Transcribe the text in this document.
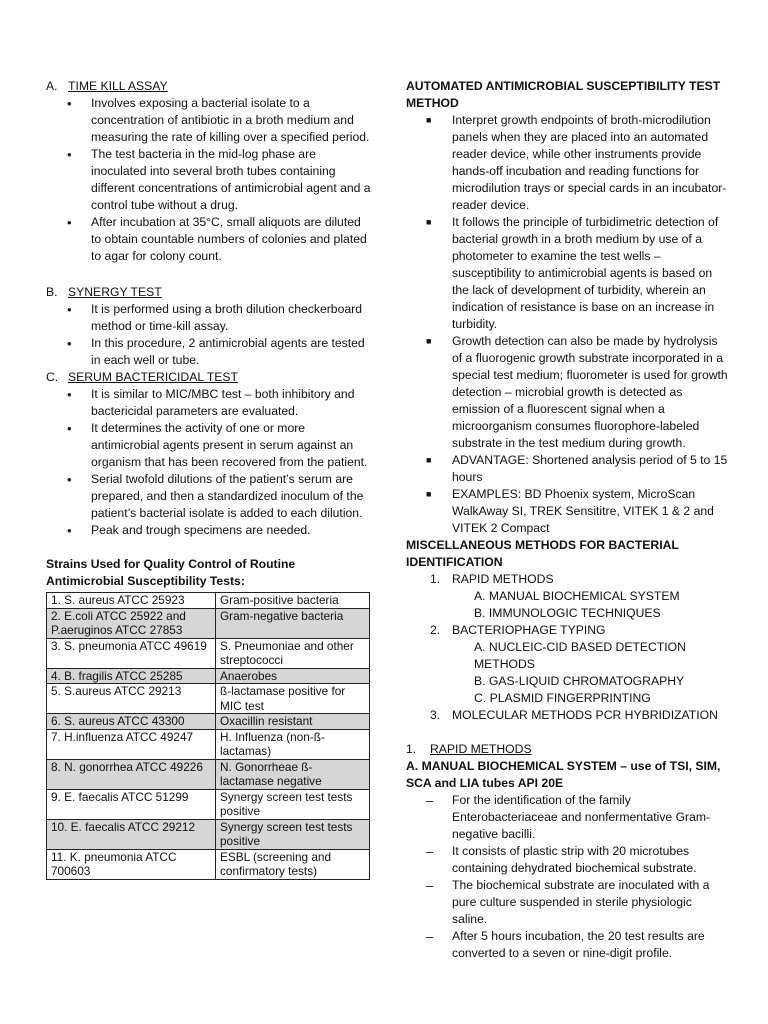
A. TIME KILL ASSAY
• Involves exposing a bacterial isolate to a concentration of antibiotic in a broth medium and measuring the rate of killing over a specified period.
• The test bacteria in the mid-log phase are inoculated into several broth tubes containing different concentrations of antimicrobial agent and a control tube without a drug.
• After incubation at 35°C, small aliquots are diluted to obtain countable numbers of colonies and plated to agar for colony count.
B. SYNERGY TEST
• It is performed using a broth dilution checkerboard method or time-kill assay.
• In this procedure, 2 antimicrobial agents are tested in each well or tube.
C. SERUM BACTERICIDAL TEST
• It is similar to MIC/MBC test – both inhibitory and bactericidal parameters are evaluated.
• It determines the activity of one or more antimicrobial agents present in serum against an organism that has been recovered from the patient.
• Serial twofold dilutions of the patient’s serum are prepared, and then a standardized inoculum of the patient’s bacterial isolate is added to each dilution.
• Peak and trough specimens are needed.
Strains Used for Quality Control of Routine Antimicrobial Susceptibility Tests:
1. S. aureus ATCC 25923	Gram-positive bacteria
2. E.coli ATCC 25922 and P.aeruginos ATCC 27853	Gram-negative bacteria
3. S. pneumonia ATCC 49619	S. Pneumoniae and other streptococci
4. B. fragilis ATCC 25285	Anaerobes
5. S.aureus ATCC 29213	ß-lactamase positive for MIC test
6. S. aureus ATCC 43300	Oxacillin resistant
7. H.influenza ATCC 49247	H. Influenza (non-ß-lactamas)
8. N. gonorrhea ATCC 49226	N. Gonorrheae ß-lactamase negative
9. E. faecalis ATCC 51299	Synergy screen test tests positive
10. E. faecalis ATCC 29212	Synergy screen test tests positive
11. K. pneumonia ATCC 700603	ESBL (screening and confirmatory tests)
AUTOMATED ANTIMICROBIAL SUSCEPTIBILITY TEST METHOD
■ Interpret growth endpoints of broth-microdilution panels when they are placed into an automated reader device, while other instruments provide hands-off incubation and reading functions for microdilution trays or special cards in an incubator-reader device.
■ It follows the principle of turbidimetric detection of bacterial growth in a broth medium by use of a photometer to examine the test wells – susceptibility to antimicrobial agents is based on the lack of development of turbidity, wherein an indication of resistance is base on an increase in turbidity.
■ Growth detection can also be made by hydrolysis of a fluorogenic growth substrate incorporated in a special test medium; fluorometer is used for growth detection – microbial growth is detected as emission of a fluorescent signal when a microorganism consumes fluorophore-labeled substrate in the test medium during growth.
■ ADVANTAGE: Shortened analysis period of 5 to 15 hours
■ EXAMPLES: BD Phoenix system, MicroScan WalkAway SI, TREK Sensititre, VITEK 1 & 2 and VITEK 2 Compact
MISCELLANEOUS METHODS FOR BACTERIAL IDENTIFICATION
1. RAPID METHODS
A. MANUAL BIOCHEMICAL SYSTEM
B. IMMUNOLOGIC TECHNIQUES
2. BACTERIOPHAGE TYPING
A. NUCLEIC-CID BASED DETECTION METHODS
B. GAS-LIQUID CHROMATOGRAPHY
C. PLASMID FINGERPRINTING
3. MOLECULAR METHODS PCR HYBRIDIZATION
1.	RAPID METHODS
A. MANUAL BIOCHEMICAL SYSTEM – use of TSI, SIM, SCA and LIA tubes API 20E
– For the identification of the family Enterobacteriaceae and nonfermentative Gram-negative bacilli.
– It consists of plastic strip with 20 microtubes containing dehydrated biochemical substrate.
– The biochemical substrate are inoculated with a pure culture suspended in sterile physiologic saline.
– After 5 hours incubation, the 20 test results are converted to a seven or nine-digit profile.
